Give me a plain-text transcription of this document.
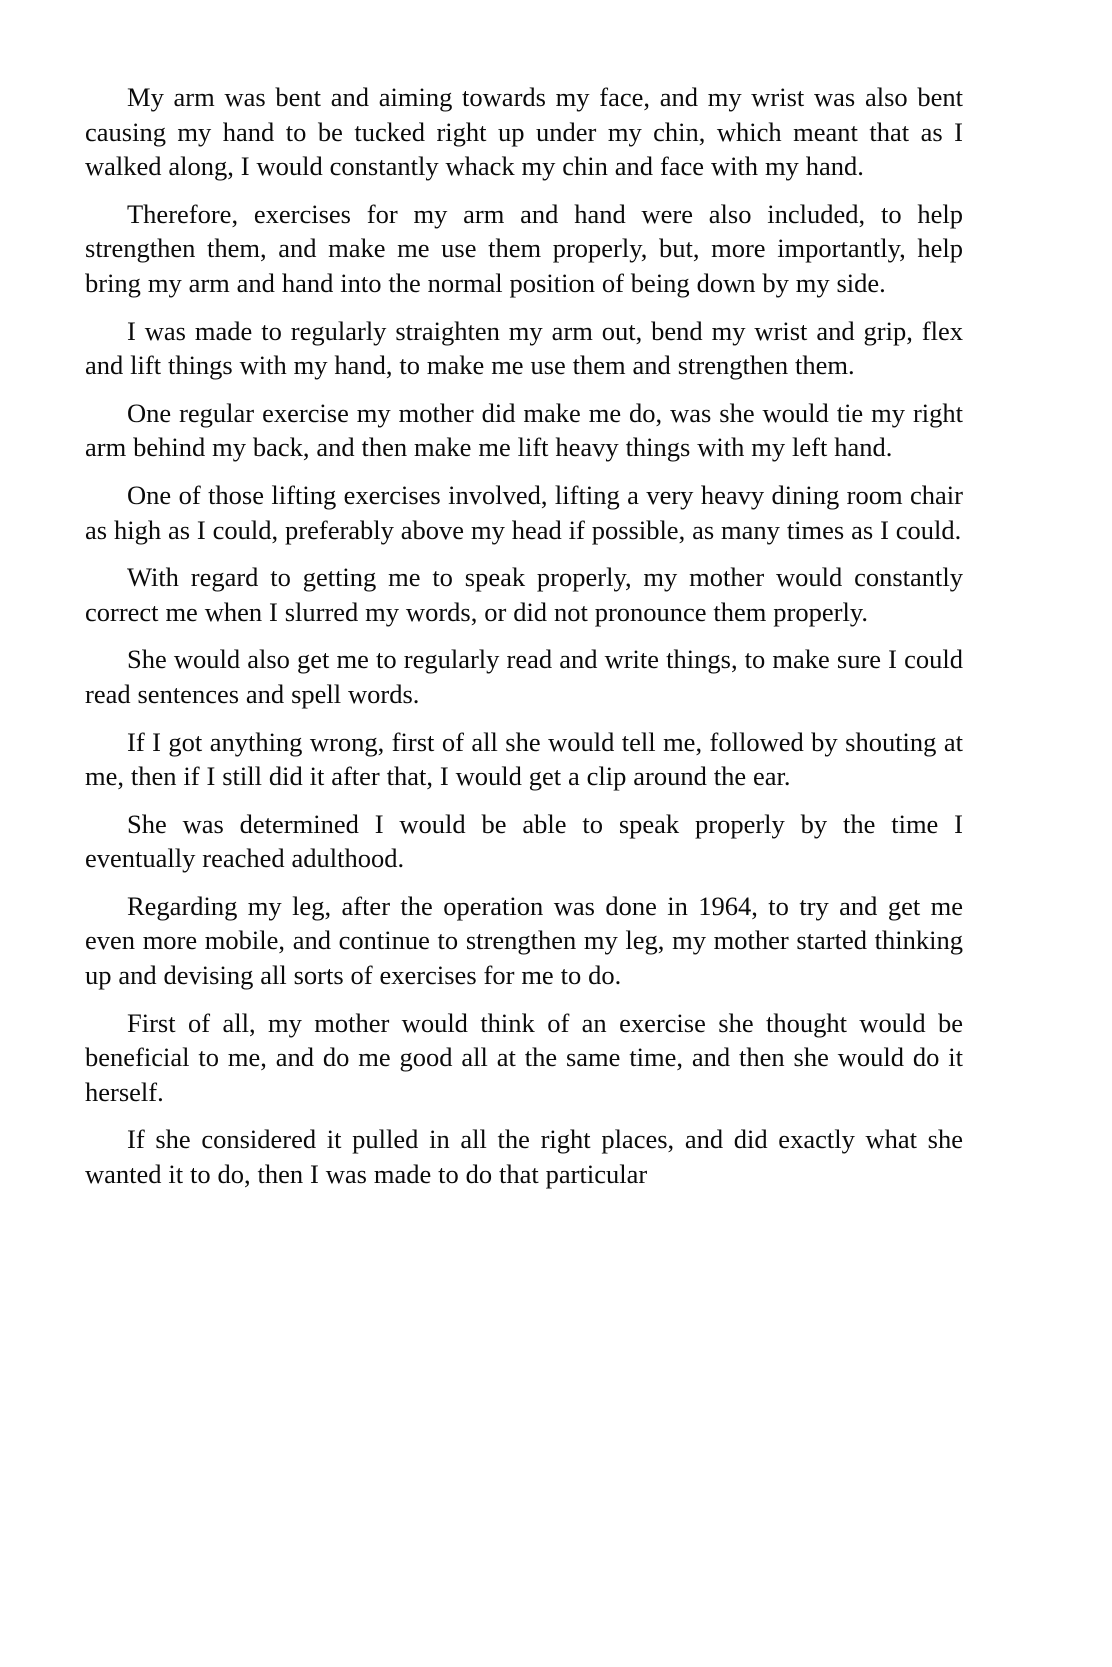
My arm was bent and aiming towards my face, and my wrist was also bent causing my hand to be tucked right up under my chin, which meant that as I walked along, I would constantly whack my chin and face with my hand.

Therefore, exercises for my arm and hand were also included, to help strengthen them, and make me use them properly, but, more importantly, help bring my arm and hand into the normal position of being down by my side.

I was made to regularly straighten my arm out, bend my wrist and grip, flex and lift things with my hand, to make me use them and strengthen them.

One regular exercise my mother did make me do, was she would tie my right arm behind my back, and then make me lift heavy things with my left hand.

One of those lifting exercises involved, lifting a very heavy dining room chair as high as I could, preferably above my head if possible, as many times as I could.

With regard to getting me to speak properly, my mother would constantly correct me when I slurred my words, or did not pronounce them properly.

She would also get me to regularly read and write things, to make sure I could read sentences and spell words.

If I got anything wrong, first of all she would tell me, followed by shouting at me, then if I still did it after that, I would get a clip around the ear.

She was determined I would be able to speak properly by the time I eventually reached adulthood.

Regarding my leg, after the operation was done in 1964, to try and get me even more mobile, and continue to strengthen my leg, my mother started thinking up and devising all sorts of exercises for me to do.

First of all, my mother would think of an exercise she thought would be beneficial to me, and do me good all at the same time, and then she would do it herself.

If she considered it pulled in all the right places, and did exactly what she wanted it to do, then I was made to do that particular
